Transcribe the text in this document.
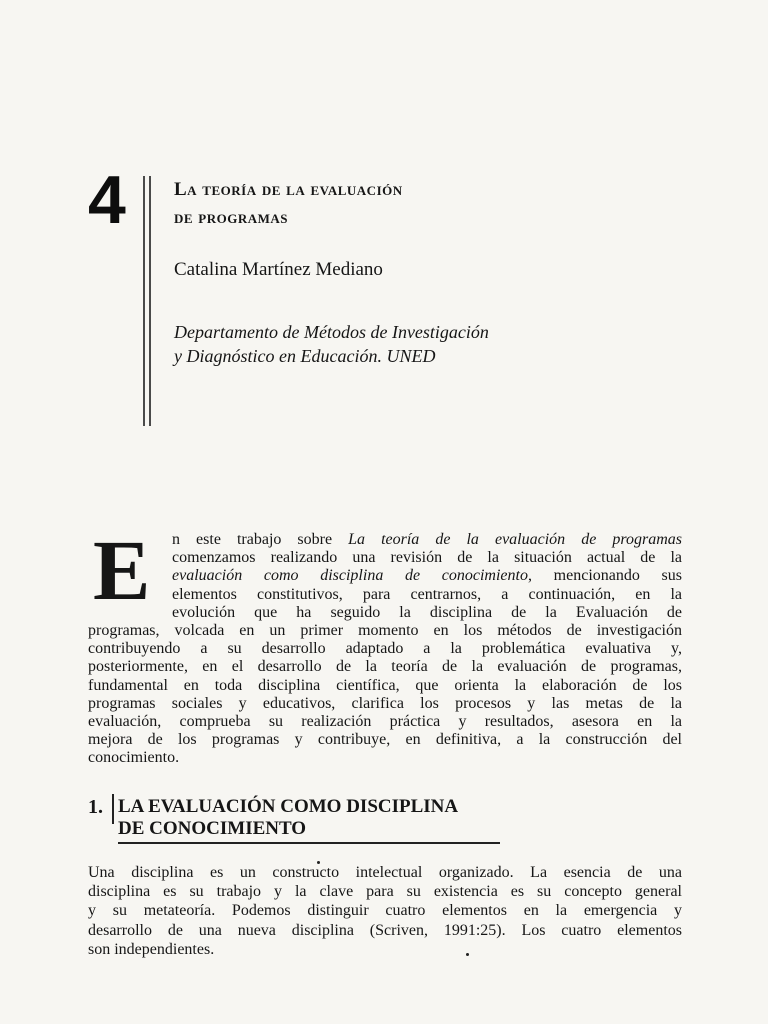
4	La teoría de la evaluación
de programas
Catalina Martínez Mediano
Departamento de Métodos de Investigación
y Diagnóstico en Educación. UNED
E	n este trabajo sobre La teoría de la evaluación de programas
comenzamos realizando una revisión de la situación actual de la
evaluación como disciplina de conocimiento, mencionando sus
elementos constitutivos, para centrarnos, a continuación, en la
evolución que ha seguido la disciplina de la Evaluación de
programas, volcada en un primer momento en los métodos de investigación
contribuyendo a su desarrollo adaptado a la problemática evaluativa y,
posteriormente, en el desarrollo de la teoría de la evaluación de programas,
fundamental en toda disciplina científica, que orienta la elaboración de los
programas sociales y educativos, clarifica los procesos y las metas de la
evaluación, comprueba su realización práctica y resultados, asesora en la
mejora de los programas y contribuye, en definitiva, a la construcción del
conocimiento.
1. LA EVALUACIÓN COMO DISCIPLINA
DE CONOCIMIENTO
Una disciplina es un constructo intelectual organizado. La esencia de una
disciplina es su trabajo y la clave para su existencia es su concepto general
y su metateoría. Podemos distinguir cuatro elementos en la emergencia y
desarrollo de una nueva disciplina (Scriven, 1991:25). Los cuatro elementos
son independientes.
